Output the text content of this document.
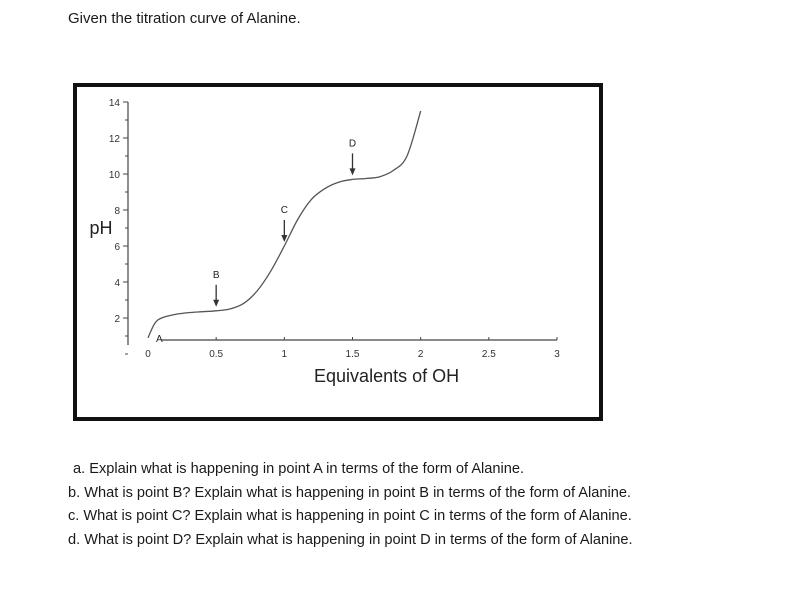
Given the titration curve of Alanine.
2
4
6
8
10
12
14
pH
0	0.5	1	1.5	2	2.5	3
Equivalents of OH
A
B
C
D
a. Explain what is happening in point A in terms of the form of Alanine.
b. What is point B? Explain what is happening in point B in terms of the form of Alanine.
c. What is point C? Explain what is happening in point C in terms of the form of Alanine.
d. What is point D? Explain what is happening in point D in terms of the form of Alanine.
